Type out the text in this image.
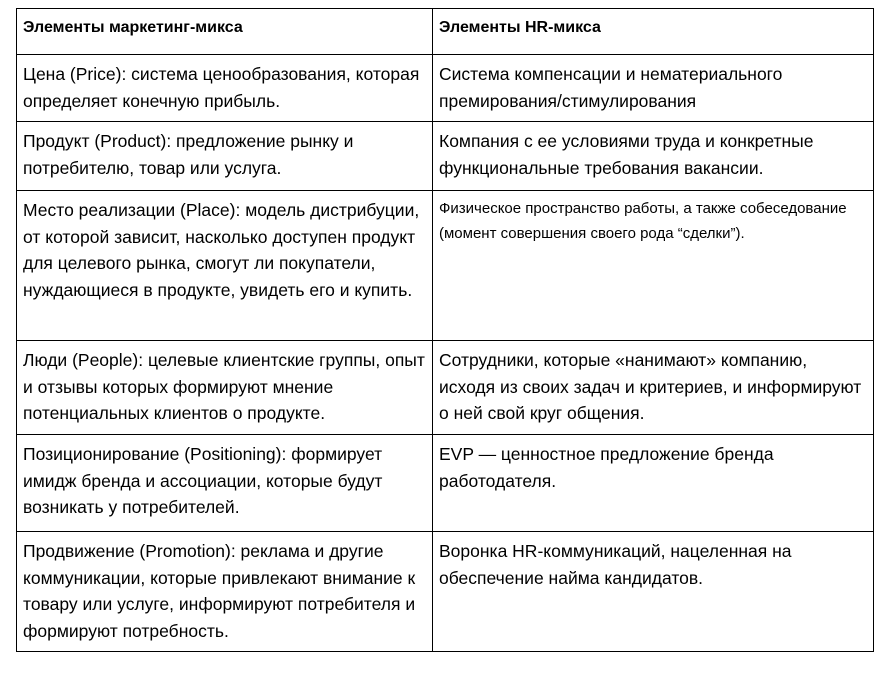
Элементы маркетинг-микса	Элементы HR-микса
Цена (Price): система ценообразования, которая определяет конечную прибыль.	Система компенсации и нематериального премирования/стимулирования
Продукт (Product): предложение рынку и потребителю, товар или услуга.	Компания с ее условиями труда и конкретные функциональные требования вакансии.
Место реализации (Place): модель дистрибуции, от которой зависит, насколько доступен продукт для целевого рынка, смогут ли покупатели, нуждающиеся в продукте, увидеть его и купить.	Физическое пространство работы, а также собеседование (момент совершения своего рода “сделки”).
Люди (People): целевые клиентские группы, опыт и отзывы которых формируют мнение потенциальных клиентов о продукте.	Сотрудники, которые «нанимают» компанию, исходя из своих задач и критериев, и информируют о ней свой круг общения.
Позиционирование (Positioning): формирует имидж бренда и ассоциации, которые будут возникать у потребителей.	EVP — ценностное предложение бренда работодателя.
Продвижение (Promotion): реклама и другие коммуникации, которые привлекают внимание к товару или услуге, информируют потребителя и формируют потребность.	Воронка HR-коммуникаций, нацеленная на обеспечение найма кандидатов.
